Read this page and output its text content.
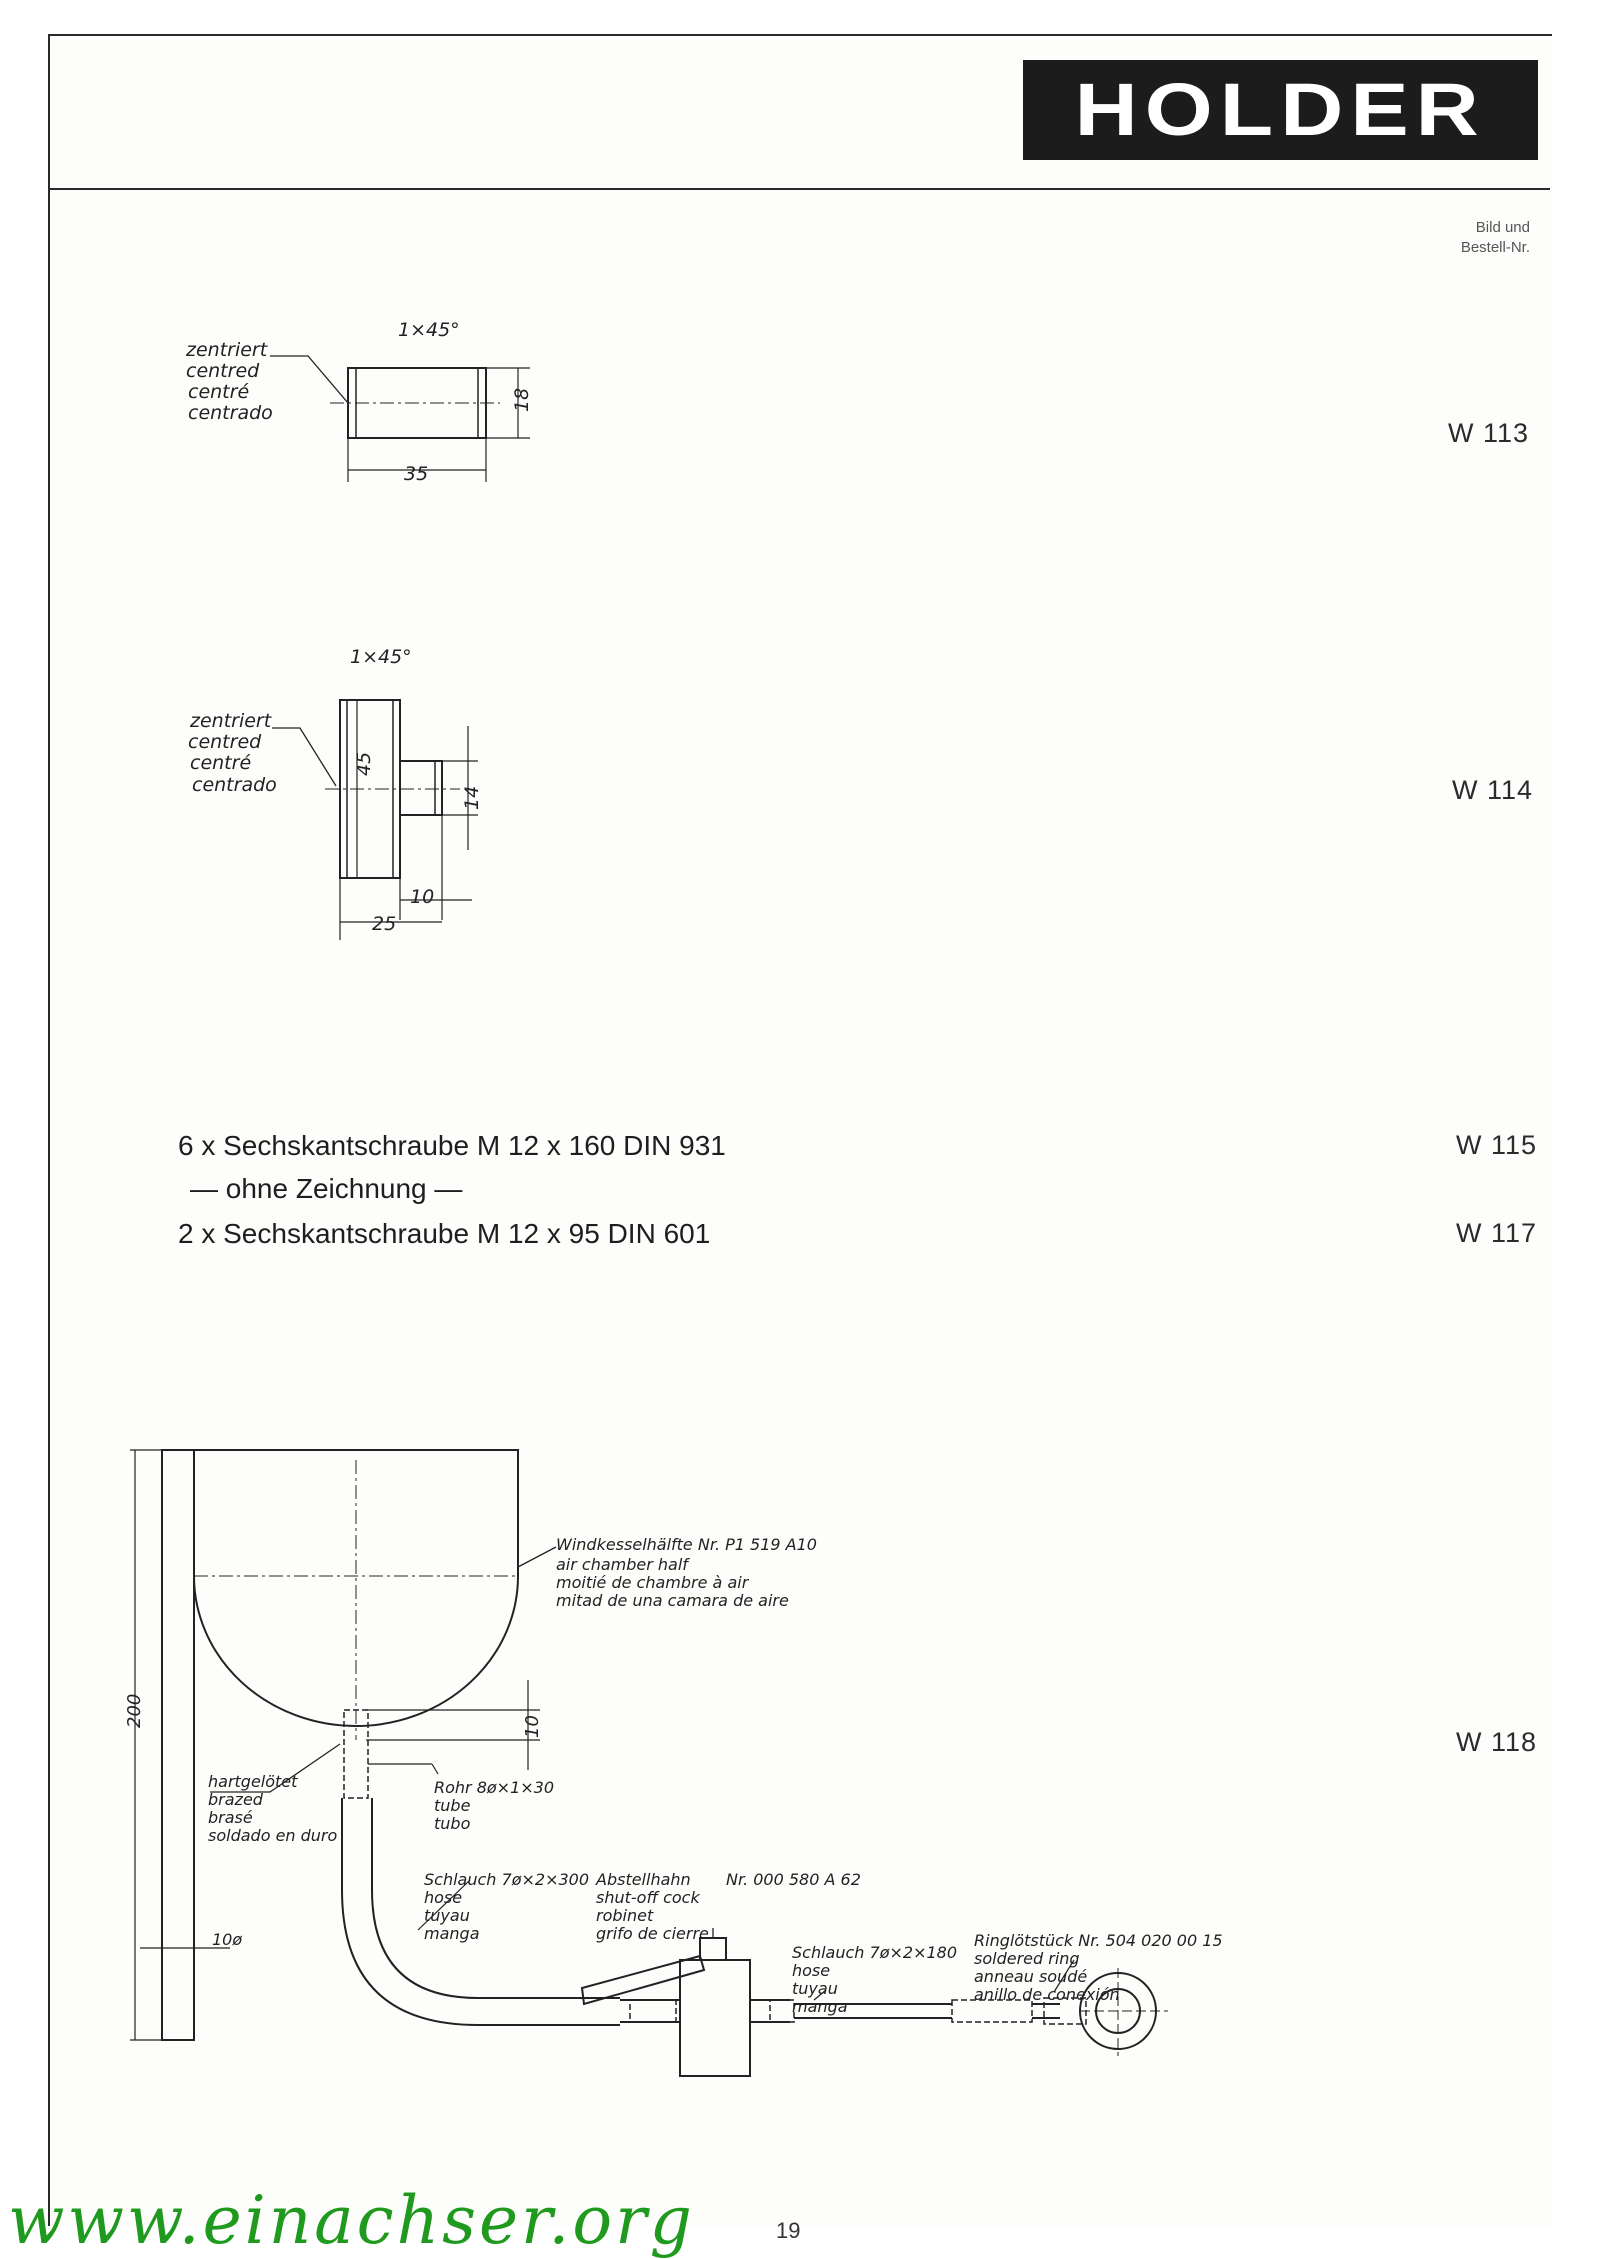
HOLDER
Bild und
Bestell-Nr.
W 113
W 114
W 115
W 117
W 118
1×45°
zentriert
centred
centré
centrado
35
18
1×45°
zentriert
centred
centré
centrado
45
14
10
25
6 x Sechskantschraube M 12 x 160 DIN 931
— ohne Zeichnung —
2 x Sechskantschraube M 12 x 95 DIN 601
200	10
10ø
Windkesselhälfte Nr. P1 519 A10
air chamber half
moitié de chambre à air
mitad de una camara de aire
hartgelötet
brazed
brasé
soldado en duro
Rohr 8ø×1×30
tube
tubo
Schlauch 7ø×2×300
hose
tuyau
manga
Abstellhahn Nr. 000 580 A 62
shut-off cock
robinet
grifo de cierre
Schlauch 7ø×2×180
hose
tuyau
manga
Ringlötstück Nr. 504 020 00 15
soldered ring
anneau soudé
anillo de conexión
www.einachser.org	19
